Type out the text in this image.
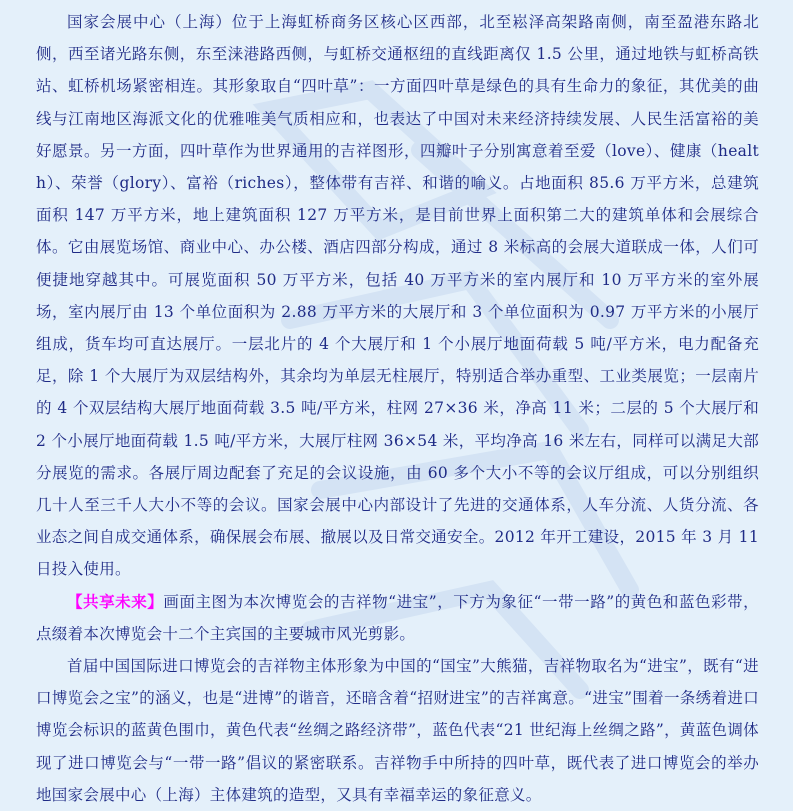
国家会展中心（上海）位于上海虹桥商务区核心区西部，北至崧泽高架路南侧，南至盈港东路北侧，西至诸光路东侧，东至涞港路西侧，与虹桥交通枢纽的直线距离仅 1.5 公里，通过地铁与虹桥高铁站、虹桥机场紧密相连。其形象取自“四叶草”：一方面四叶草是绿色的具有生命力的象征，其优美的曲线与江南地区海派文化的优雅唯美气质相应和，也表达了中国对未来经济持续发展、人民生活富裕的美好愿景。另一方面，四叶草作为世界通用的吉祥图形，四瓣叶子分别寓意着至爱（love）、健康（health）、荣誉（glory）、富裕（riches），整体带有吉祥、和谐的喻义。占地面积 85.6 万平方米，总建筑面积 147 万平方米，地上建筑面积 127 万平方米，是目前世界上面积第二大的建筑单体和会展综合体。它由展览场馆、商业中心、办公楼、酒店四部分构成，通过 8 米标高的会展大道联成一体，人们可便捷地穿越其中。可展览面积 50 万平方米，包括 40 万平方米的室内展厅和 10 万平方米的室外展场，室内展厅由 13 个单位面积为 2.88 万平方米的大展厅和 3 个单位面积为 0.97 万平方米的小展厅组成，货车均可直达展厅。一层北片的 4 个大展厅和 1 个小展厅地面荷载 5 吨/平方米，电力配备充足，除 1 个大展厅为双层结构外，其余均为单层无柱展厅，特别适合举办重型、工业类展览；一层南片的 4 个双层结构大展厅地面荷载 3.5 吨/平方米，柱网 27×36 米，净高 11 米；二层的 5 个大展厅和 2 个小展厅地面荷载 1.5 吨/平方米，大展厅柱网 36×54 米，平均净高 16 米左右，同样可以满足大部分展览的需求。各展厅周边配套了充足的会议设施，由 60 多个大小不等的会议厅组成，可以分别组织几十人至三千人大小不等的会议。国家会展中心内部设计了先进的交通体系，人车分流、人货分流、各业态之间自成交通体系，确保展会布展、撤展以及日常交通安全。2012 年开工建设，2015 年 3 月 11 日投入使用。

【共享未来】画面主图为本次博览会的吉祥物“进宝”，下方为象征“一带一路”的黄色和蓝色彩带，点缀着本次博览会十二个主宾国的主要城市风光剪影。

首届中国国际进口博览会的吉祥物主体形象为中国的“国宝”大熊猫，吉祥物取名为“进宝”，既有“进口博览会之宝”的涵义，也是“进博”的谐音，还暗含着“招财进宝”的吉祥寓意。“进宝”围着一条绣着进口博览会标识的蓝黄色围巾，黄色代表“丝绸之路经济带”，蓝色代表“21 世纪海上丝绸之路”，黄蓝色调体现了进口博览会与“一带一路”倡议的紧密联系。吉祥物手中所持的四叶草，既代表了进口博览会的举办地国家会展中心（上海）主体建筑的造型，又具有幸福幸运的象征意义。
